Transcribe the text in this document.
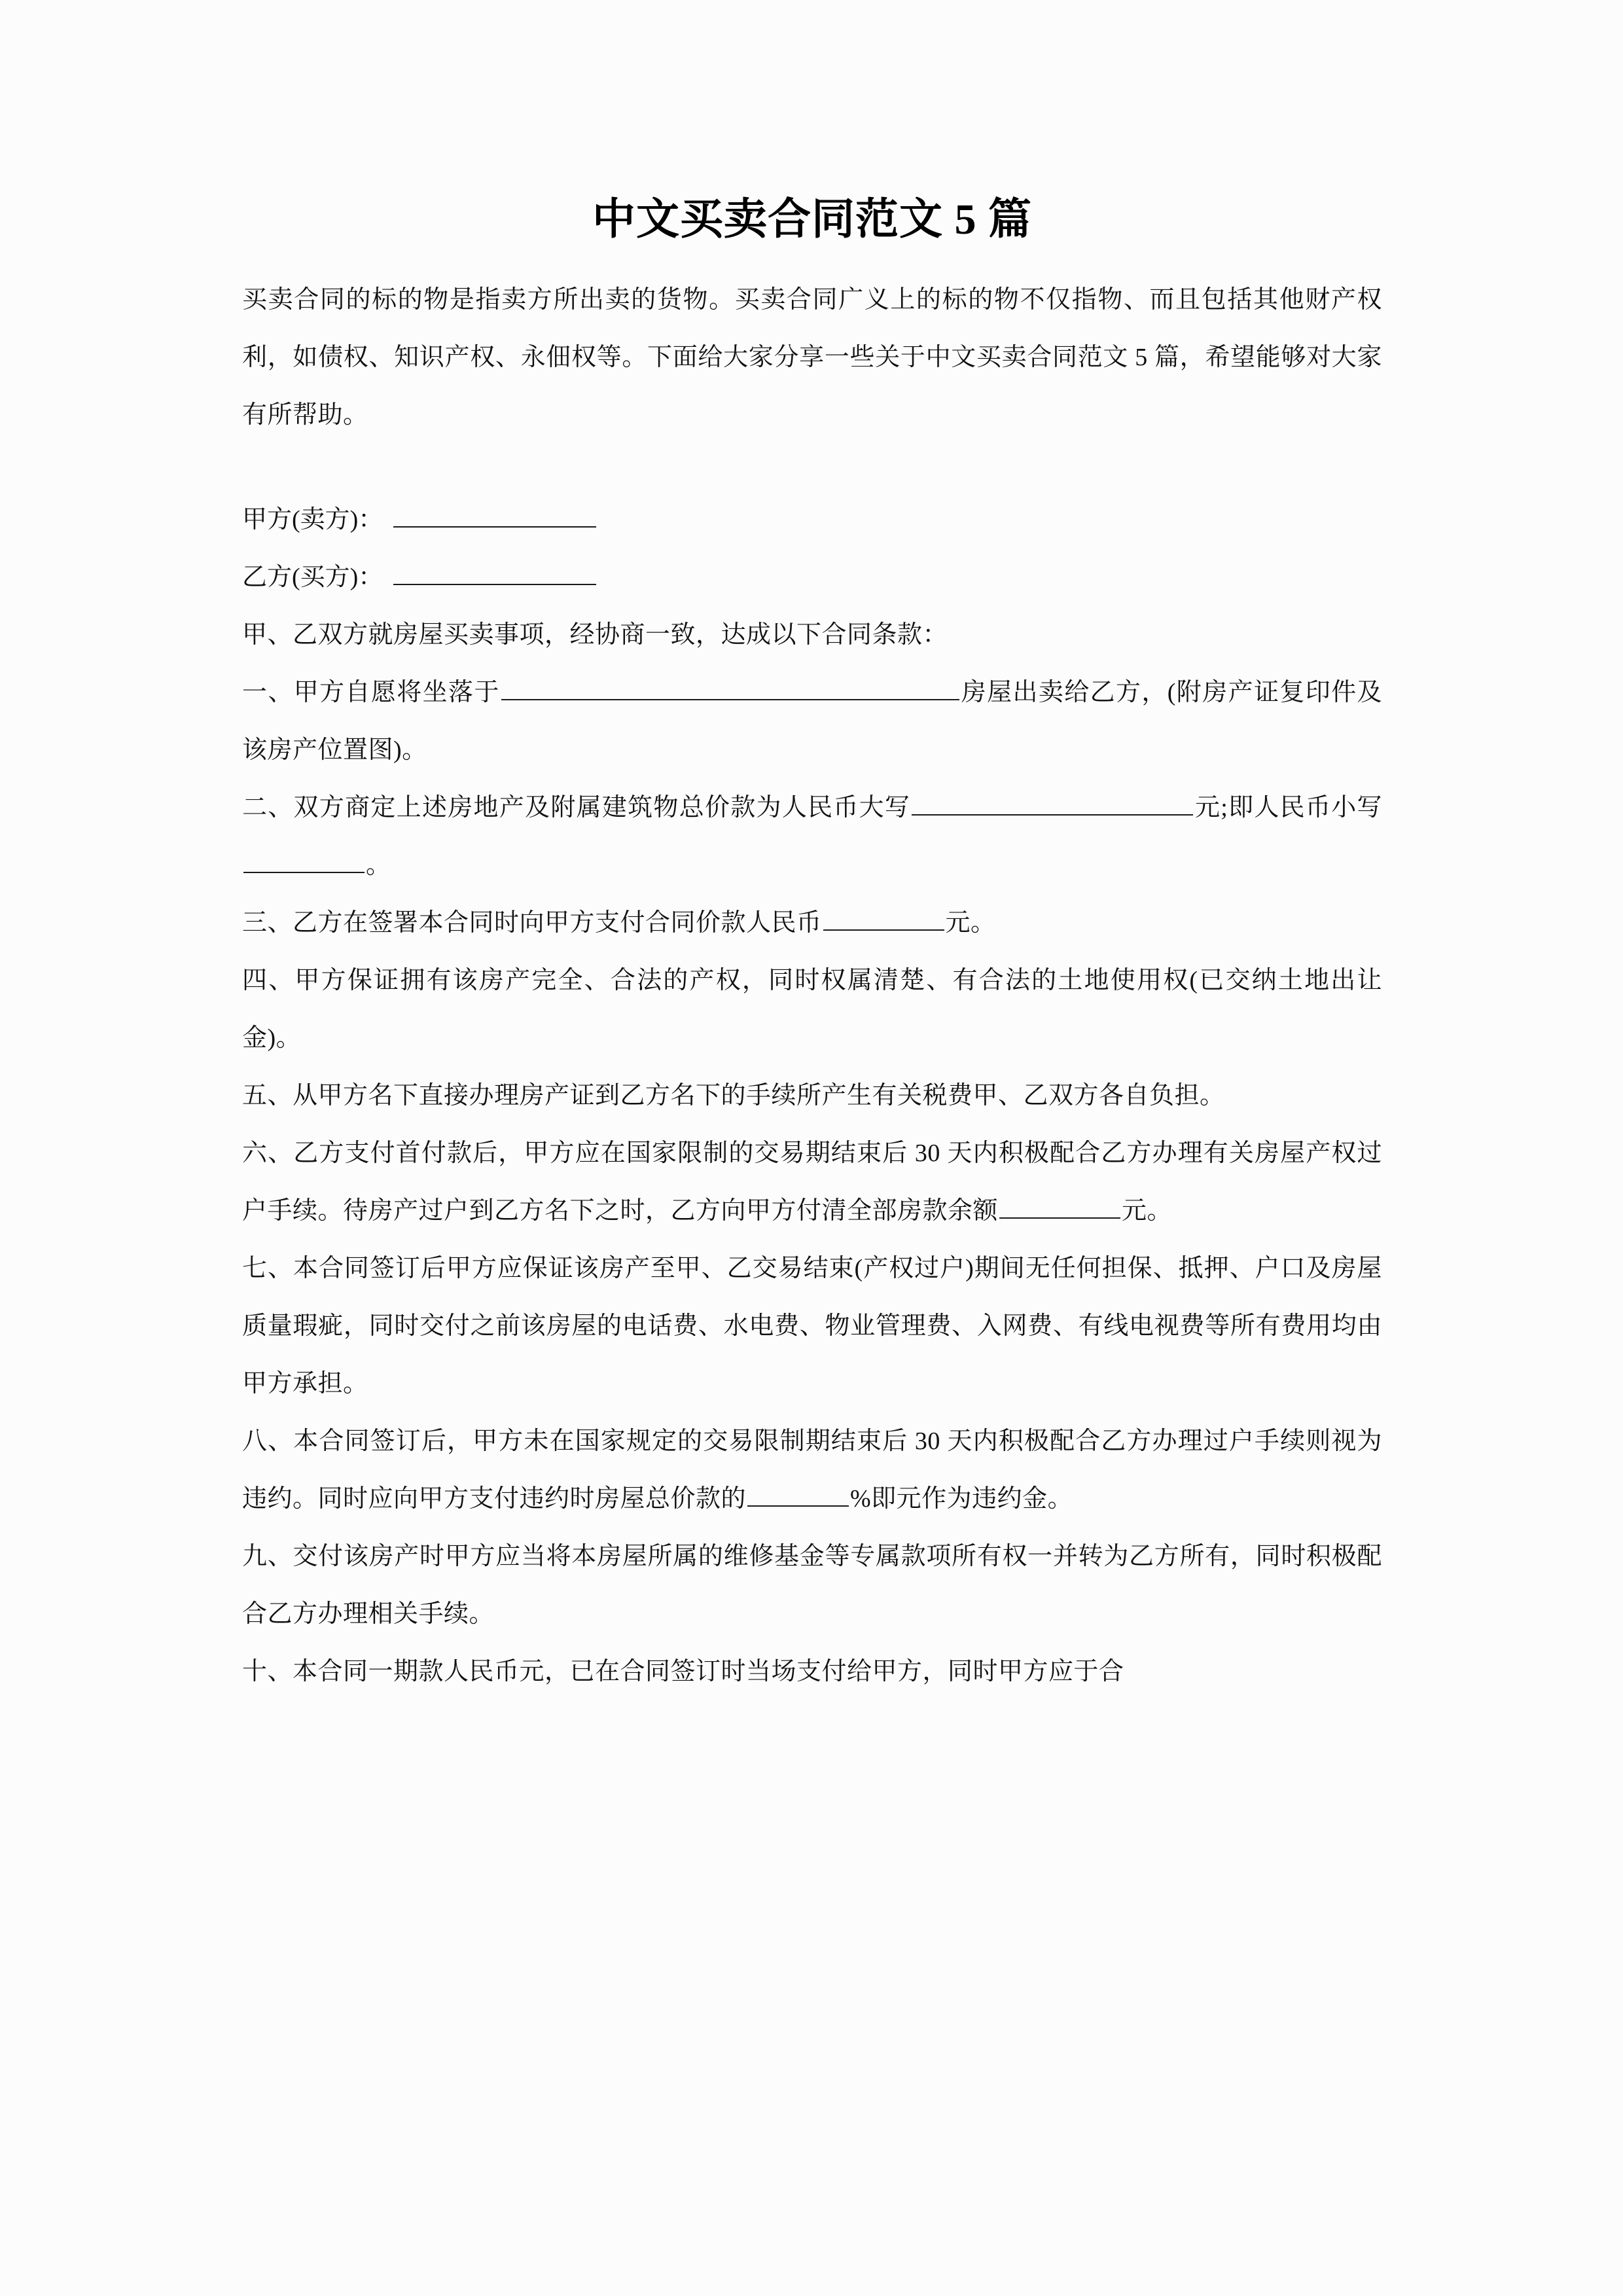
中文买卖合同范文 5 篇

买卖合同的标的物是指卖方所出卖的货物。买卖合同广义上的标的物不仅指物、而且包括其他财产权利，如债权、知识产权、永佃权等。下面给大家分享一些关于中文买卖合同范文 5 篇，希望能够对大家有所帮助。

甲方(卖方)：
乙方(买方)：

甲、乙双方就房屋买卖事项，经协商一致，达成以下合同条款：

一、甲方自愿将坐落于	房屋出卖给乙方，(附房产证复印件及该房产位置图)。

二、双方商定上述房地产及附属建筑物总价款为人民币大写	元;即人民币小写。

三、乙方在签署本合同时向甲方支付合同价款人民币	元。

四、甲方保证拥有该房产完全、合法的产权，同时权属清楚、有合法的土地使用权(已交纳土地出让金)。

五、从甲方名下直接办理房产证到乙方名下的手续所产生有关税费甲、乙双方各自负担。

六、乙方支付首付款后，甲方应在国家限制的交易期结束后 30 天内积极配合乙方办理有关房屋产权过户手续。待房产过户到乙方名下之时，乙方向甲方付清全部房款余额	元。

七、本合同签订后甲方应保证该房产至甲、乙交易结束(产权过户)期间无任何担保、抵押、户口及房屋质量瑕疵，同时交付之前该房屋的电话费、水电费、物业管理费、入网费、有线电视费等所有费用均由甲方承担。

八、本合同签订后，甲方未在国家规定的交易限制期结束后 30 天内积极配合乙方办理过户手续则视为违约。同时应向甲方支付违约时房屋总价款的	%即元作为违约金。

九、交付该房产时甲方应当将本房屋所属的维修基金等专属款项所有权一并转为乙方所有，同时积极配合乙方办理相关手续。

十、本合同一期款人民币元，已在合同签订时当场支付给甲方，同时甲方应于合
